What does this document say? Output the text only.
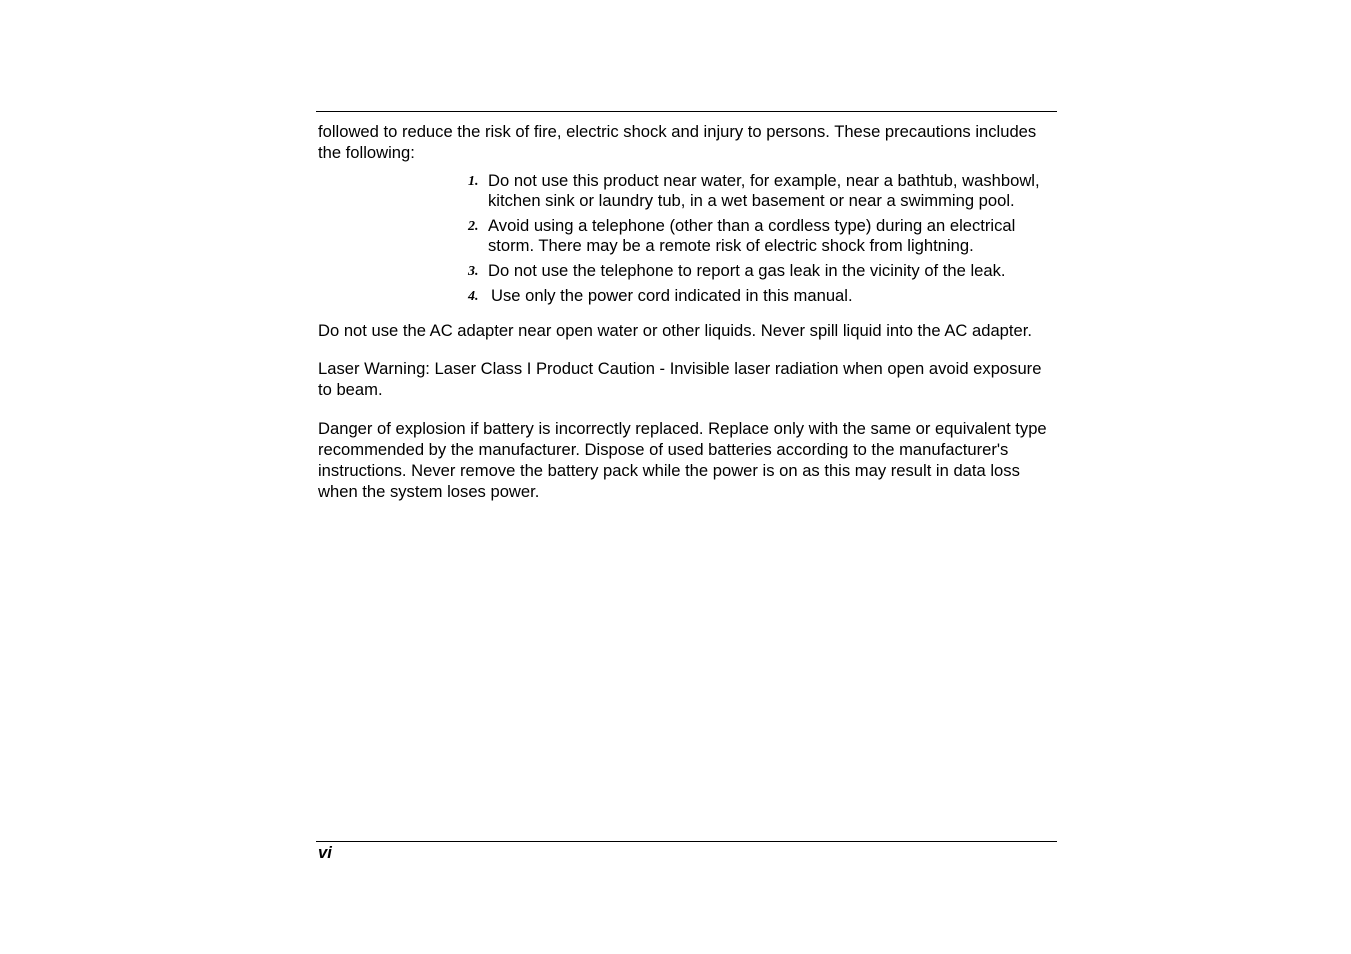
followed to reduce the risk of fire, electric shock and injury to persons. These precautions includes the following:

1. Do not use this product near water, for example, near a bathtub, washbowl, kitchen sink or laundry tub, in a wet basement or near a swimming pool.
2. Avoid using a telephone (other than a cordless type) during an electrical storm. There may be a remote risk of electric shock from lightning.
3. Do not use the telephone to report a gas leak in the vicinity of the leak.
4. Use only the power cord indicated in this manual.

Do not use the AC adapter near open water or other liquids. Never spill liquid into the AC adapter.

Laser Warning: Laser Class I Product Caution - Invisible laser radiation when open avoid exposure to beam.

Danger of explosion if battery is incorrectly replaced. Replace only with the same or equivalent type recommended by the manufacturer. Dispose of used batteries according to the manufacturer's instructions. Never remove the battery pack while the power is on as this may result in data loss when the system loses power.

vi
